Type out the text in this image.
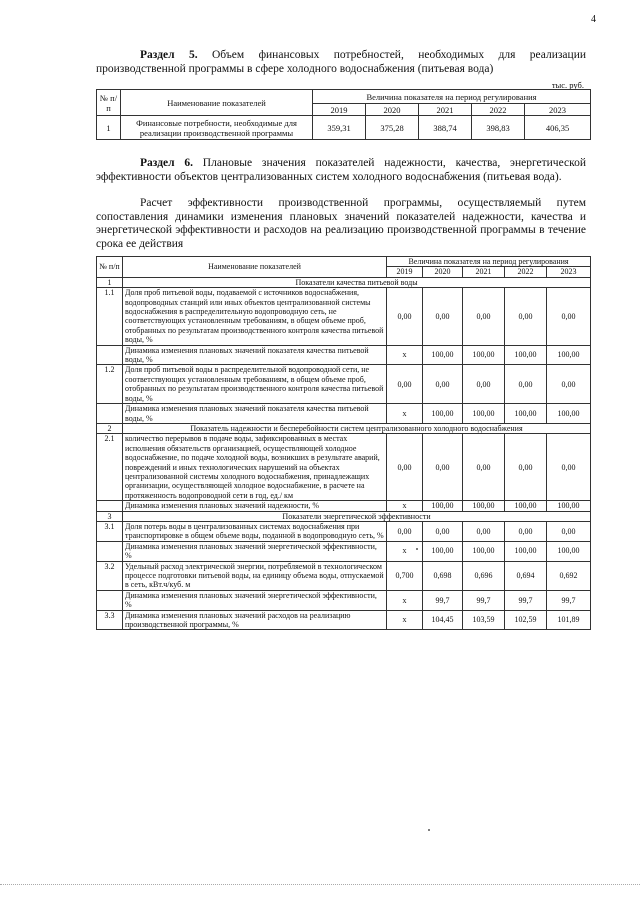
4
Раздел 5. Объем финансовых потребностей, необходимых для реализации производственной программы в сфере холодного водоснабжения (питьевая вода)
тыс. руб.
№ п/п	Наименование показателей	Величина показателя на период регулирования				
		2019	2020	2021	2022	2023
1	Финансовые потребности, необходимые для реализации производственной программы	359,31	375,28	388,74	398,83	406,35
Раздел 6. Плановые значения показателей надежности, качества, энергетической эффективности объектов централизованных систем холодного водоснабжения (питьевая вода).
Расчет эффективности производственной программы, осуществляемый путем сопоставления динамики изменения плановых значений показателей надежности, качества и энергетической эффективности и расходов на реализацию производственной программы в течение срока ее действия
№ п/п	Наименование показателей	Величина показателя на период регулирования				
		2019	2020	2021	2022	2023
1	Показатели качества питьевой воды					
1.1	Доля проб питьевой воды, подаваемой с источников водоснабжения, водопроводных станций или иных объектов централизованной системы водоснабжения в распределительную водопроводную сеть, не соответствующих установленным требованиям, в общем объеме проб, отобранных по результатам производственного контроля качества питьевой воды, %	0,00	0,00	0,00	0,00	0,00
	Динамика изменения плановых значений показателя качества питьевой воды, %	х	100,00	100,00	100,00	100,00
1.2	Доля проб питьевой воды в распределительной водопроводной сети, не соответствующих установленным требованиям, в общем объеме проб, отобранных по результатам производственного контроля качества питьевой воды, %	0,00	0,00	0,00	0,00	0,00
	Динамика изменения плановых значений показателя качества питьевой воды, %	х	100,00	100,00	100,00	100,00
2	Показатель надежности и бесперебойности систем централизованного холодного водоснабжения					
2.1	количество перерывов в подаче воды, зафиксированных в местах исполнения обязательств организацией, осуществляющей холодное водоснабжение, по подаче холодной воды, возникших в результате аварий, повреждений и иных технологических нарушений на объектах централизованной системы холодного водоснабжения, принадлежащих организации, осуществляющей холодное водоснабжение, в расчете на протяженность водопроводной сети в год, ед./ км	0,00	0,00	0,00	0,00	0,00
	Динамика изменения плановых значений надежности, %	х	100,00	100,00	100,00	100,00
3	Показатели энергетической эффективности					
3.1	Доля потерь воды в централизованных системах водоснабжения при транспортировке в общем объеме воды, поданной в водопроводную сеть, %	0,00	0,00	0,00	0,00	0,00
	Динамика изменения плановых значений энергетической эффективности, %	х	100,00	100,00	100,00	100,00
3.2	Удельный расход электрической энергии, потребляемой в технологическом процессе подготовки питьевой воды, на единицу объема воды, отпускаемой в сеть, кВт.ч/куб. м	0,700	0,698	0,696	0,694	0,692
	Динамика изменения плановых значений энергетической эффективности, %	х	99,7	99,7	99,7	99,7
3.3	Динамика изменения плановых значений расходов на реализацию производственной программы, %	х	104,45	103,59	102,59	101,89
